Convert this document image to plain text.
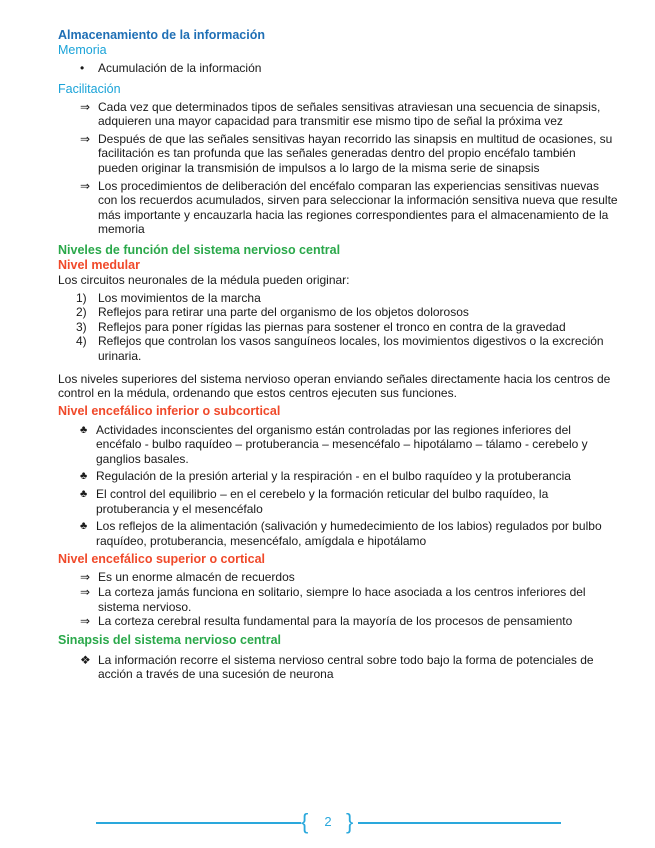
Almacenamiento de la información
Memoria
•	Acumulación de la información
Facilitación
⇒ Cada vez que determinados tipos de señales sensitivas atraviesan una secuencia de sinapsis, adquieren una mayor capacidad para transmitir ese mismo tipo de señal la próxima vez
⇒ Después de que las señales sensitivas hayan recorrido las sinapsis en multitud de ocasiones, su facilitación es tan profunda que las señales generadas dentro del propio encéfalo también pueden originar la transmisión de impulsos a lo largo de la misma serie de sinapsis
⇒ Los procedimientos de deliberación del encéfalo comparan las experiencias sensitivas nuevas con los recuerdos acumulados, sirven para seleccionar la información sensitiva nueva que resulte más importante y encauzarla hacia las regiones correspondientes para el almacenamiento de la memoria
Niveles de función del sistema nervioso central
Nivel medular
Los circuitos neuronales de la médula pueden originar:
1) Los movimientos de la marcha
2) Reflejos para retirar una parte del organismo de los objetos dolorosos
3) Reflejos para poner rígidas las piernas para sostener el tronco en contra de la gravedad
4) Reflejos que controlan los vasos sanguíneos locales, los movimientos digestivos o la excreción urinaria.
Los niveles superiores del sistema nervioso operan enviando señales directamente hacia los centros de control en la médula, ordenando que estos centros ejecuten sus funciones.
Nivel encefálico inferior o subcortical
♣ Actividades inconscientes del organismo están controladas por las regiones inferiores del encéfalo - bulbo raquídeo – protuberancia – mesencéfalo – hipotálamo – tálamo - cerebelo y ganglios basales.
♣ Regulación de la presión arterial y la respiración - en el bulbo raquídeo y la protuberancia
♣ El control del equilibrio – en el cerebelo y la formación reticular del bulbo raquídeo, la protuberancia y el mesencéfalo
♣ Los reflejos de la alimentación (salivación y humedecimiento de los labios) regulados por bulbo raquídeo, protuberancia, mesencéfalo, amígdala e hipotálamo
Nivel encefálico superior o cortical
⇒ Es un enorme almacén de recuerdos
⇒ La corteza jamás funciona en solitario, siempre lo hace asociada a los centros inferiores del sistema nervioso.
⇒ La corteza cerebral resulta fundamental para la mayoría de los procesos de pensamiento
Sinapsis del sistema nervioso central
❖ La información recorre el sistema nervioso central sobre todo bajo la forma de potenciales de acción a través de una sucesión de neurona
{	2 }
